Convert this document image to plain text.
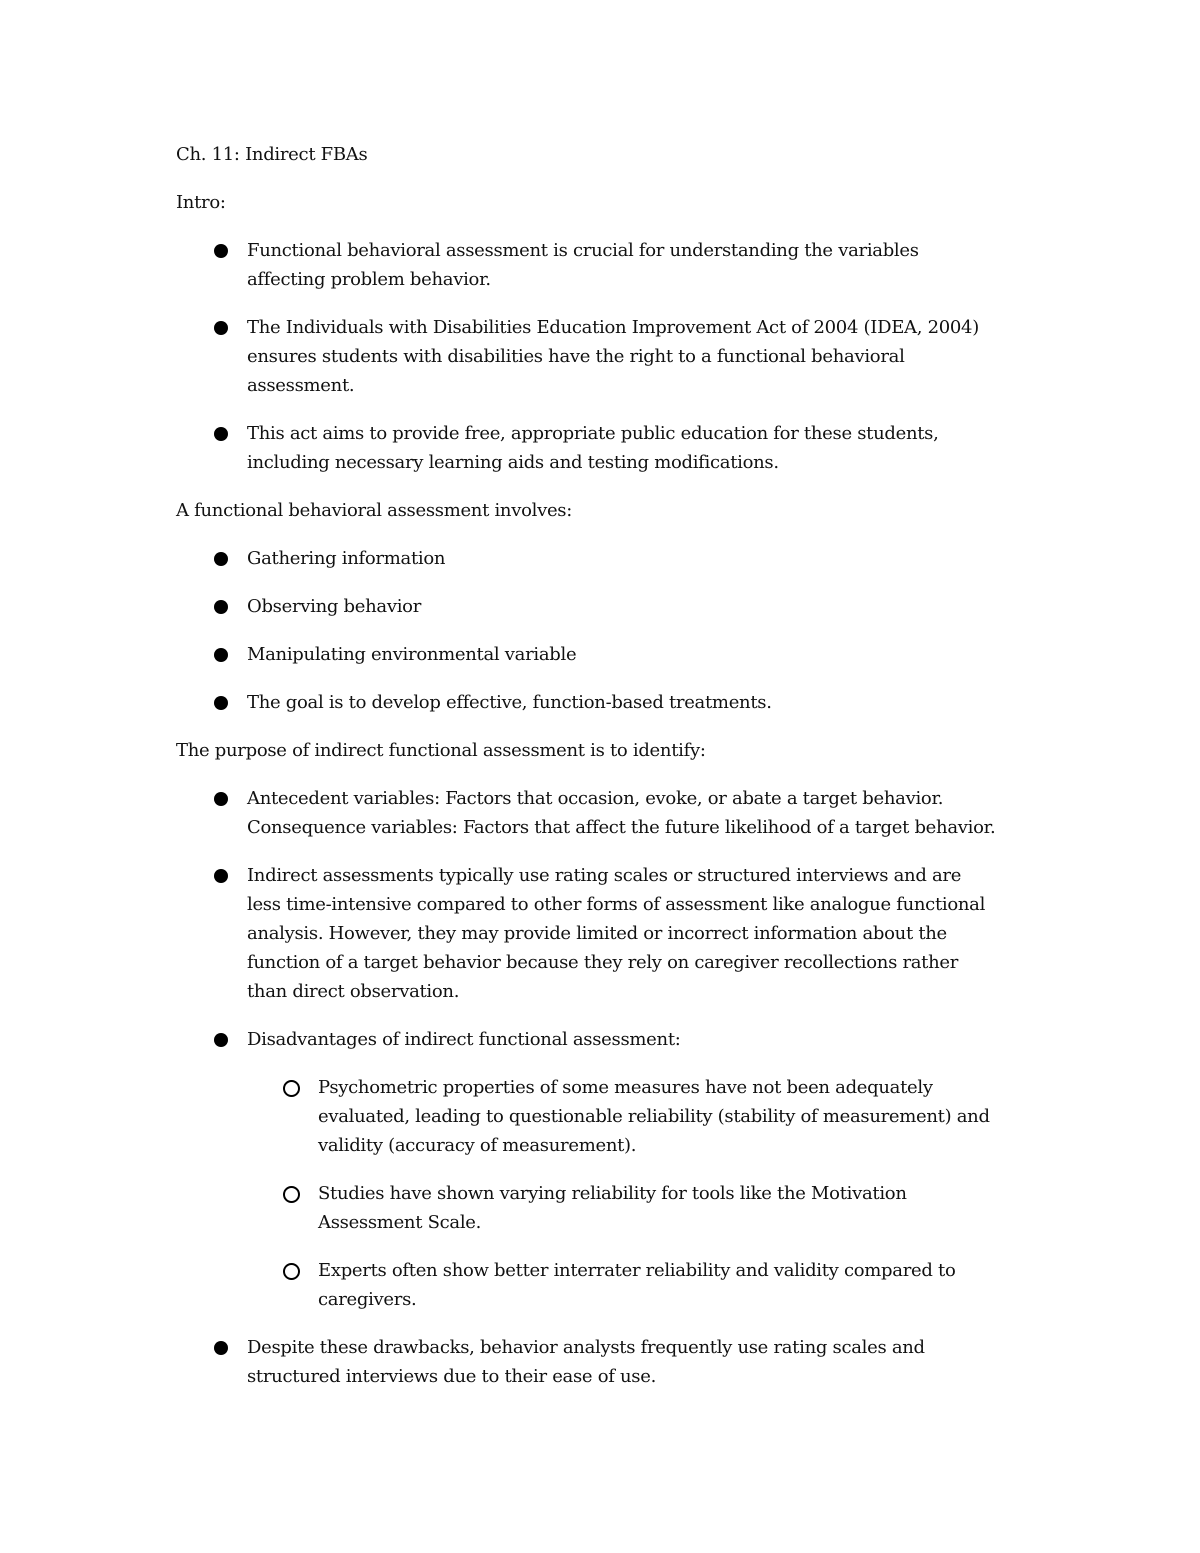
Ch. 11: Indirect FBAs

Intro:

Functional behavioral assessment is crucial for understanding the variables
affecting problem behavior.
The Individuals with Disabilities Education Improvement Act of 2004 (IDEA, 2004)
ensures students with disabilities have the right to a functional behavioral
assessment.
This act aims to provide free, appropriate public education for these students,
including necessary learning aids and testing modifications.

A functional behavioral assessment involves:

Gathering information
Observing behavior
Manipulating environmental variable
The goal is to develop effective, function-based treatments.

The purpose of indirect functional assessment is to identify:

Antecedent variables: Factors that occasion, evoke, or abate a target behavior.
Consequence variables: Factors that affect the future likelihood of a target behavior.
Indirect assessments typically use rating scales or structured interviews and are
less time-intensive compared to other forms of assessment like analogue functional
analysis. However, they may provide limited or incorrect information about the
function of a target behavior because they rely on caregiver recollections rather
than direct observation.
Disadvantages of indirect functional assessment:
Psychometric properties of some measures have not been adequately
evaluated, leading to questionable reliability (stability of measurement) and
validity (accuracy of measurement).
Studies have shown varying reliability for tools like the Motivation
Assessment Scale.
Experts often show better interrater reliability and validity compared to
caregivers.
Despite these drawbacks, behavior analysts frequently use rating scales and
structured interviews due to their ease of use.
